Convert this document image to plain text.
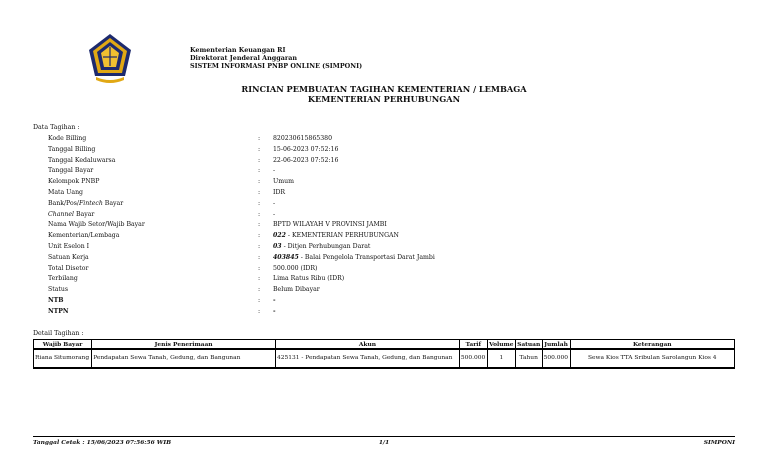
Kementerian Keuangan RI
Direktorat Jenderal Anggaran
SISTEM INFORMASI PNBP ONLINE (SIMPONI)
RINCIAN PEMBUATAN TAGIHAN KEMENTERIAN / LEMBAGA
KEMENTERIAN PERHUBUNGAN
Data Tagihan :
Kode Billing	: 820230615865380
Tanggal Billing	: 15-06-2023 07:52:16
Tanggal Kedaluwarsa	: 22-06-2023 07:52:16
Tanggal Bayar	: -
Kelompok PNBP	: Umum
Mata Uang	: IDR
Bank/Pos/Fintech Bayar	: -
Channel Bayar	: -
Nama Wajib Setor/Wajib Bayar	: BPTD WILAYAH V PROVINSI JAMBI
Kementerian/Lembaga	: 022 - KEMENTERIAN PERHUBUNGAN
Unit Eselon I	: 03 - Ditjen Perhubungan Darat
Satuan Kerja	: 403845 - Balai Pengelola Transportasi Darat Jambi
Total Disetor	: 500.000 (IDR)
Terbilang	: Lima Ratus Ribu (IDR)
Status	: Belum Dibayar
NTB	: -
NTPN	: -
Detail Tagihan :
Wajib Bayar	Jenis Penerimaan	Akun	Tarif	Volume	Satuan	Jumlah	Keterangan
Riana Situmorang	Pendapatan Sewa Tanah, Gedung, dan Bangunan	425131 - Pendapatan Sewa Tanah, Gedung, dan Bangunan	500.000	1	Tahun	500.000	Sewa Kios TTA Sribulan Sarolangun Kios 4
Tanggal Cetak : 15/06/2023 07:56:56 WIB	1/1	SIMPONI
